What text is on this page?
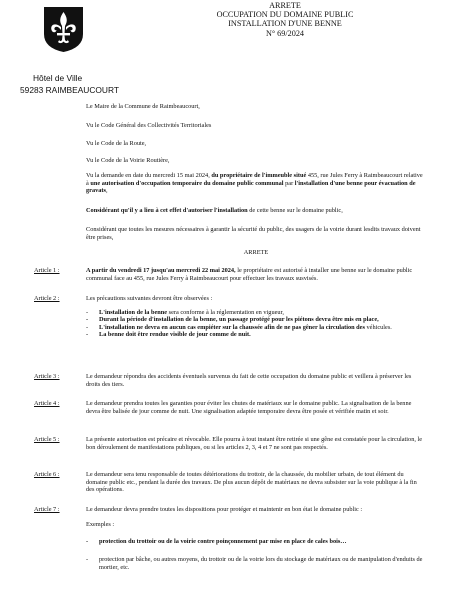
ARRETE
OCCUPATION DU DOMAINE PUBLIC
INSTALLATION D'UNE BENNE
N° 69/2024
Hôtel de Ville
59283 RAIMBEAUCOURT
Le Maire de la Commune de Raimbeaucourt,
Vu le Code Général des Collectivités Territoriales
Vu le Code de la Route,
Vu le Code de la Voirie Routière,
Vu la demande en date du mercredi 15 mai 2024, du propriétaire de l'immeuble situé 455, rue Jules Ferry à Raimbeaucourt relative à une autorisation d'occupation temporaire du domaine public communal par l'installation d'une benne pour évacuation de gravats,
Considérant qu'il y a lieu à cet effet d'autoriser l'installation de cette benne sur le domaine public,
Considérant que toutes les mesures nécessaires à garantir la sécurité du public, des usagers de la voirie durant lesdits travaux doivent être prises,
ARRETE
Article 1 :	A partir du vendredi 17 jusqu'au mercredi 22 mai 2024, le propriétaire est autorisé à installer une benne sur le domaine public communal face au 455, rue Jules Ferry à Raimbeaucourt pour effectuer les travaux susvisés.
Article 2 :	Les précautions suivantes devront être observées :
- L'installation de la benne sera conforme à la réglementation en vigueur,
- Durant la période d'installation de la benne, un passage protégé pour les piétons devra être mis en place,
- L'installation ne devra en aucun cas empiéter sur la chaussée afin de ne pas gêner la circulation des véhicules.
- La benne doit être rendue visible de jour comme de nuit.
Article 3 :	Le demandeur répondra des accidents éventuels survenus du fait de cette occupation du domaine public et veillera à préserver les droits des tiers.
Article 4 :	Le demandeur prendra toutes les garanties pour éviter les chutes de matériaux sur le domaine public. La signalisation de la benne devra être balisée de jour comme de nuit. Une signalisation adaptée temporaire devra être posée et vérifiée matin et soir.
Article 5 :	La présente autorisation est précaire et révocable. Elle pourra à tout instant être retirée si une gêne est constatée pour la circulation, le bon déroulement de manifestations publiques, ou si les articles 2, 3, 4 et 7 ne sont pas respectés.
Article 6 :	Le demandeur sera tenu responsable de toutes détériorations du trottoir, de la chaussée, du mobilier urbain, de tout élément du domaine public etc., pendant la durée des travaux. De plus aucun dépôt de matériaux ne devra subsister sur la voie publique à la fin des opérations.
Article 7 :	Le demandeur devra prendre toutes les dispositions pour protéger et maintenir en bon état le domaine public :
Exemples :
- protection du trottoir ou de la voirie contre poinçonnement par mise en place de cales bois…
- protection par bâche, ou autres moyens, du trottoir ou de la voirie lors du stockage de matériaux ou de manipulation d'enduits de mortier, etc.
